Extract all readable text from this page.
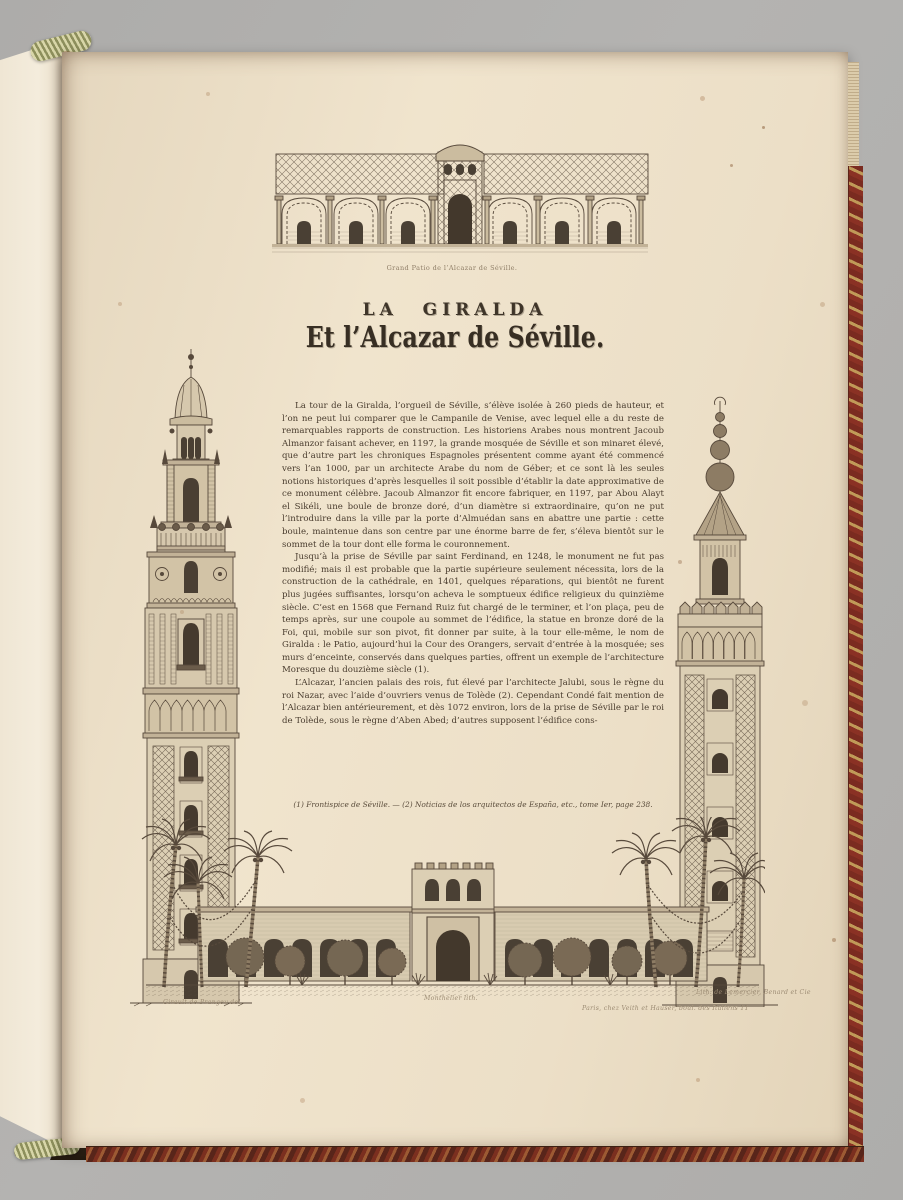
Grand Patio de l’Alcazar de Séville.
LA GIRALDA
Et l’Alcazar de Séville.

La tour de la Giralda, l’orgueil de Séville, s’élève isolée à 260 pieds de hauteur, et l’on ne peut lui comparer que le Campanile de Venise, avec lequel elle a du reste de remarquables rapports de construction. Les historiens Arabes nous montrent Jacoub Almanzor faisant achever, en 1197, la grande mosquée de Séville et son minaret élevé, que d’autre part les chroniques Espagnoles présentent comme ayant été commencé vers l’an 1000, par un architecte Arabe du nom de Géber; et ce sont là les seules notions historiques d’après lesquelles il soit possible d’établir la date approximative de ce monument célèbre. Jacoub Almanzor fit encore fabriquer, en 1197, par Abou Alayt el Sikéli, une boule de bronze doré, d’un diamètre si extraordinaire, qu’on ne put l’introduire dans la ville par la porte d’Almuédan sans en abattre une partie : cette boule, maintenue dans son centre par une énorme barre de fer, s’éleva bientôt sur le sommet de la tour dont elle forma le couronnement.

Jusqu’à la prise de Séville par saint Ferdinand, en 1248, le monument ne fut pas modifié; mais il est probable que la partie supérieure seulement nécessita, lors de la construction de la cathédrale, en 1401, quelques réparations, qui bientôt ne furent plus jugées suffisantes, lorsqu’on acheva le somptueux édifice religieux du quinzième siècle. C’est en 1568 que Fernand Ruiz fut chargé de le terminer, et l’on plaça, peu de temps après, sur une coupole au sommet de l’édifice, la statue en bronze doré de la Foi, qui, mobile sur son pivot, fit donner par suite, à la tour elle-même, le nom de Giralda : le Patio, aujourd’hui la Cour des Orangers, servait d’entrée à la mosquée; ses murs d’enceinte, conservés dans quelques parties, offrent un exemple de l’architecture Moresque du douzième siècle (1).

L’Alcazar, l’ancien palais des rois, fut élevé par l’architecte Jalubi, sous le règne du roi Nazar, avec l’aide d’ouvriers venus de Tolède (2). Cependant Condé fait mention de l’Alcazar bien antérieurement, et dès 1072 environ, lors de la prise de Séville par le roi de Tolède, sous le règne d’Aben Abed; d’autres supposent l’édifice cons-

(1) Frontispice de Séville. — (2) Noticias de los arquitectos de España, etc., tome Ier, page 238.
Girault de Prangey del.
Monthelier lith.
Lith. de Lemercier, Benard et Cie
Paris, chez Veith et Hauser, boul. des Italiens 11
